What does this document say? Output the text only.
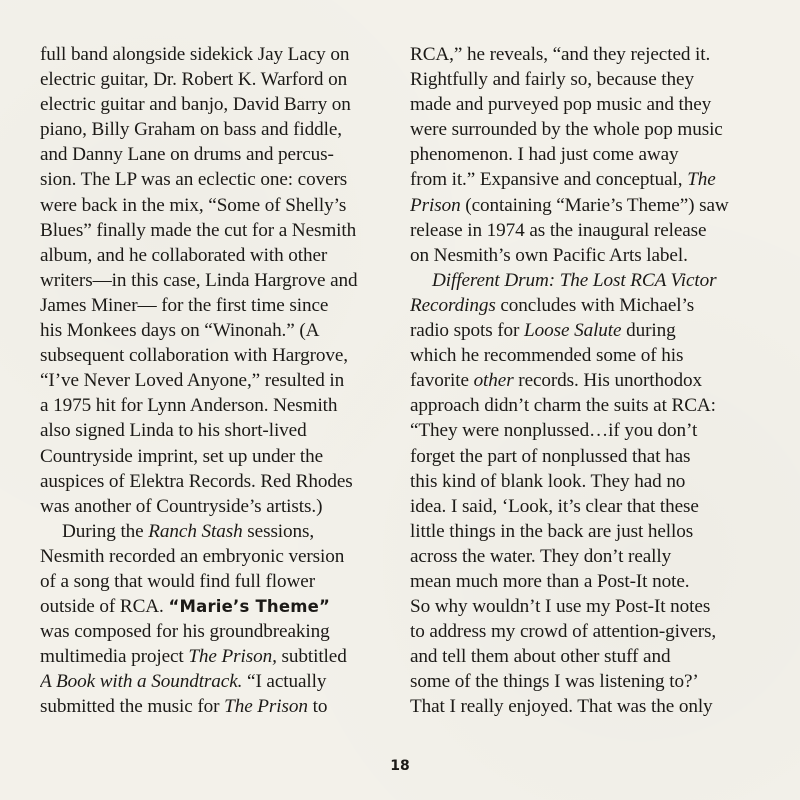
full band alongside sidekick Jay Lacy on
electric guitar, Dr. Robert K. Warford on
electric guitar and banjo, David Barry on
piano, Billy Graham on bass and fiddle,
and Danny Lane on drums and percus-
sion. The LP was an eclectic one: covers
were back in the mix, “Some of Shelly’s
Blues” finally made the cut for a Nesmith
album, and he collaborated with other
writers—in this case, Linda Hargrove and
James Miner— for the first time since
his Monkees days on “Winonah.” (A
subsequent collaboration with Hargrove,
“I’ve Never Loved Anyone,” resulted in
a 1975 hit for Lynn Anderson. Nesmith
also signed Linda to his short-lived
Countryside imprint, set up under the
auspices of Elektra Records. Red Rhodes
was another of Countryside’s artists.)
During the Ranch Stash sessions,
Nesmith recorded an embryonic version
of a song that would find full flower
outside of RCA. “Marie’s Theme”
was composed for his groundbreaking
multimedia project The Prison, subtitled
A Book with a Soundtrack. “I actually
submitted the music for The Prison to
RCA,” he reveals, “and they rejected it.
Rightfully and fairly so, because they
made and purveyed pop music and they
were surrounded by the whole pop music
phenomenon. I had just come away
from it.” Expansive and conceptual, The
Prison (containing “Marie’s Theme”) saw
release in 1974 as the inaugural release
on Nesmith’s own Pacific Arts label.
Different Drum: The Lost RCA Victor
Recordings concludes with Michael’s
radio spots for Loose Salute during
which he recommended some of his
favorite other records. His unorthodox
approach didn’t charm the suits at RCA:
“They were nonplussed…if you don’t
forget the part of nonplussed that has
this kind of blank look. They had no
idea. I said, ‘Look, it’s clear that these
little things in the back are just hellos
across the water. They don’t really
mean much more than a Post-It note.
So why wouldn’t I use my Post-It notes
to address my crowd of attention-givers,
and tell them about other stuff and
some of the things I was listening to?’
That I really enjoyed. That was the only
18
